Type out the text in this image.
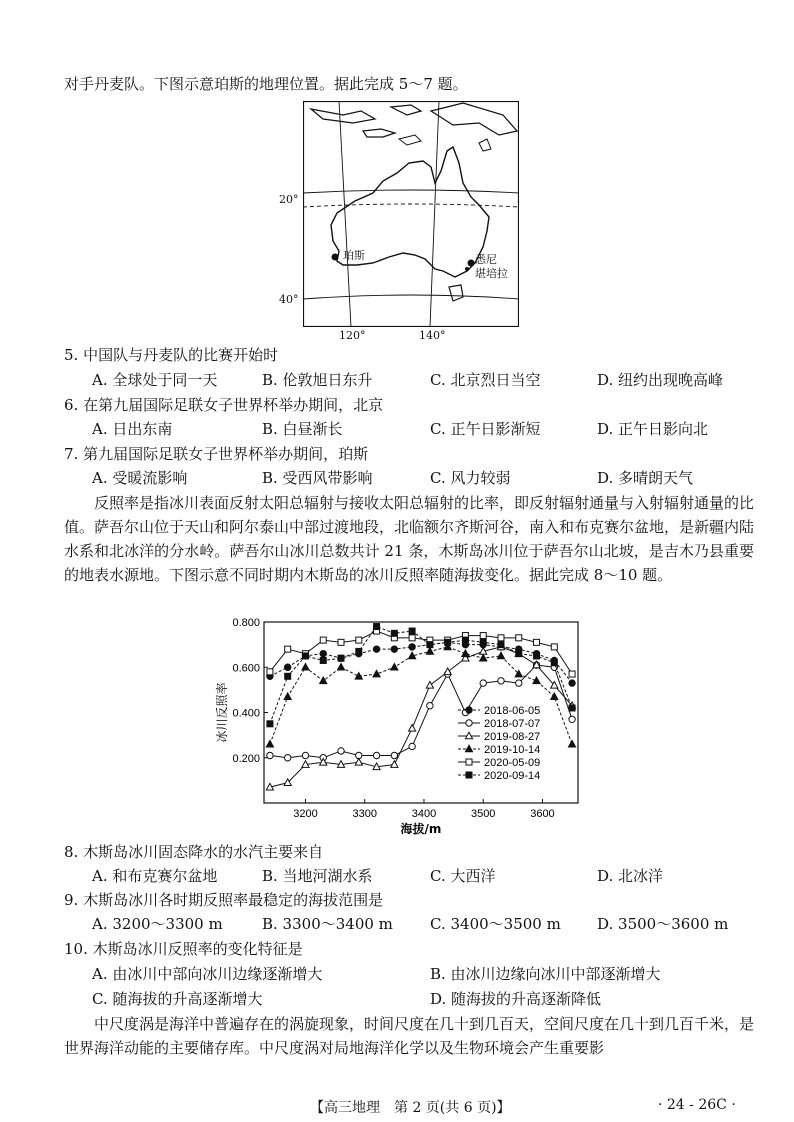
对手丹麦队。下图示意珀斯的地理位置。据此完成 5～7 题。
20°
40°
120°	140°
珀斯	悉尼
堪培拉
5. 中国队与丹麦队的比赛开始时
A. 全球处于同一天	B. 伦敦旭日东升	C. 北京烈日当空	D. 纽约出现晚高峰
6. 在第九届国际足联女子世界杯举办期间，北京
A. 日出东南	B. 白昼渐长	C. 正午日影渐短	D. 正午日影向北
7. 第九届国际足联女子世界杯举办期间，珀斯
A. 受暖流影响	B. 受西风带影响	C. 风力较弱	D. 多晴朗天气
反照率是指冰川表面反射太阳总辐射与接收太阳总辐射的比率，即反射辐射通量与入射辐射通量的比值。萨吾尔山位于天山和阿尔泰山中部过渡地段，北临额尔齐斯河谷，南入和布克赛尔盆地，是新疆内陆水系和北冰洋的分水岭。萨吾尔山冰川总数共计 21 条，木斯岛冰川位于萨吾尔山北坡，是吉木乃县重要的地表水源地。下图示意不同时期内木斯岛的冰川反照率随海拔变化。据此完成 8～10 题。
3200	3300	3400	3500	3600
0.200
0.400
0.600
0.800
海拔/m
冰川反照率	2018-06-05
2018-07-07
2019-08-27
2019-10-14
2020-05-09
2020-09-14
8. 木斯岛冰川固态降水的水汽主要来自
A. 和布克赛尔盆地	B. 当地河湖水系	C. 大西洋	D. 北冰洋
9. 木斯岛冰川各时期反照率最稳定的海拔范围是
A. 3200～3300 m	B. 3300～3400 m C. 3400～3500 m D. 3500～3600 m
10. 木斯岛冰川反照率的变化特征是
A. 由冰川中部向冰川边缘逐渐增大	B. 由冰川边缘向冰川中部逐渐增大
C. 随海拔的升高逐渐增大	D. 随海拔的升高逐渐降低
中尺度涡是海洋中普遍存在的涡旋现象，时间尺度在几十到几百天，空间尺度在几十到几百千米，是世界海洋动能的主要储存库。中尺度涡对局地海洋化学以及生物环境会产生重要影
【高三地理　第 2 页(共 6 页)】	· 24 - 26C ·
